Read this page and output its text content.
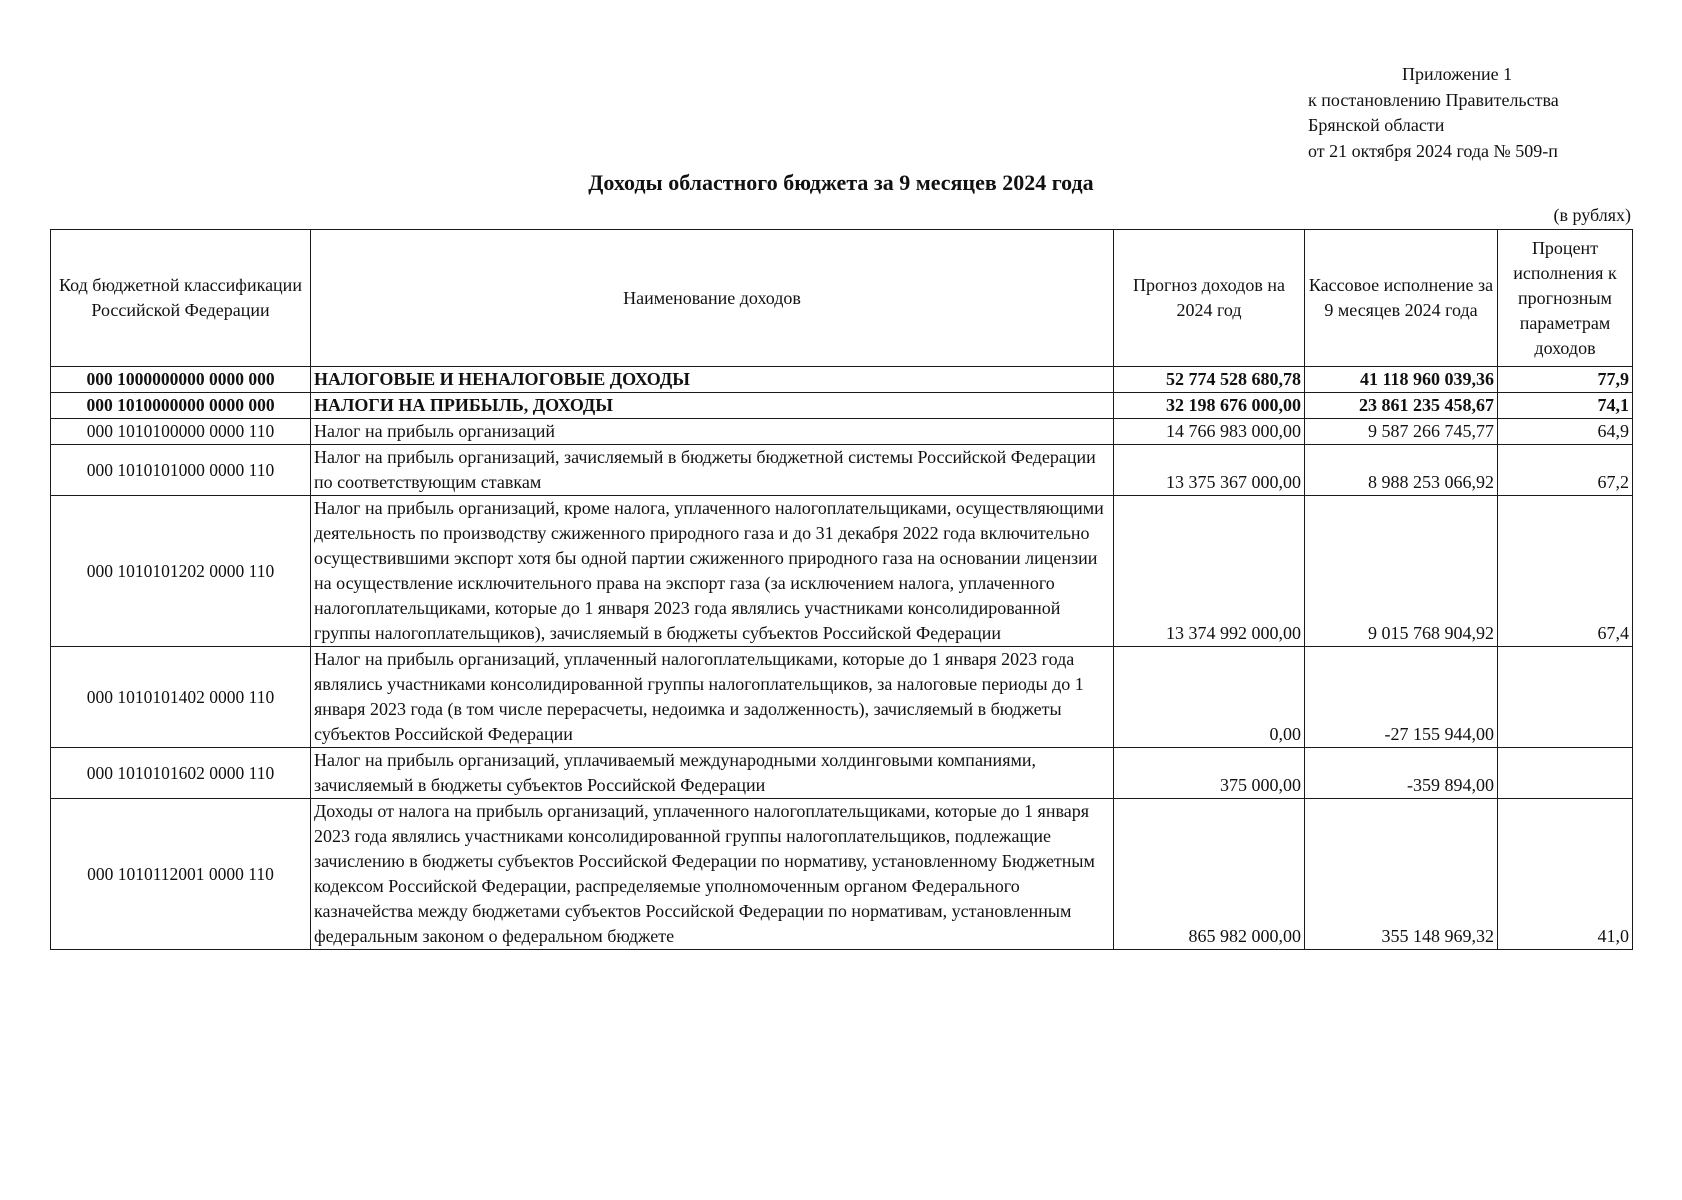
Приложение 1
к постановлению Правительства
Брянской области
от 21 октября 2024 года № 509-п
Доходы областного бюджета за 9 месяцев 2024 года
(в рублях)
Код бюджетной классификации Российской Федерации	Наименование доходов	Прогноз доходов на 2024 год	Кассовое исполнение за 9 месяцев 2024 года	Процент исполнения к прогнозным параметрам доходов
000 1000000000 0000 000	НАЛОГОВЫЕ И НЕНАЛОГОВЫЕ ДОХОДЫ	52 774 528 680,78	41 118 960 039,36	77,9
000 1010000000 0000 000	НАЛОГИ НА ПРИБЫЛЬ, ДОХОДЫ	32 198 676 000,00	23 861 235 458,67	74,1
000 1010100000 0000 110	Налог на прибыль организаций	14 766 983 000,00	9 587 266 745,77	64,9
000 1010101000 0000 110	Налог на прибыль организаций, зачисляемый в бюджеты бюджетной системы Российской Федерации по соответствующим ставкам	13 375 367 000,00	8 988 253 066,92	67,2
000 1010101202 0000 110	Налог на прибыль организаций, кроме налога, уплаченного налогоплательщиками, осуществляющими деятельность по производству сжиженного природного газа и до 31 декабря 2022 года включительно осуществившими экспорт хотя бы одной партии сжиженного природного газа на основании лицензии на осуществление исключительного права на экспорт газа (за исключением налога, уплаченного налогоплательщиками, которые до 1 января 2023 года являлись участниками консолидированной группы налогоплательщиков), зачисляемый в бюджеты субъектов Российской Федерации	13 374 992 000,00	9 015 768 904,92	67,4
000 1010101402 0000 110	Налог на прибыль организаций, уплаченный налогоплательщиками, которые до 1 января 2023 года являлись участниками консолидированной группы налогоплательщиков, за налоговые периоды до 1 января 2023 года (в том числе перерасчеты, недоимка и задолженность), зачисляемый в бюджеты субъектов Российской Федерации	0,00	-27 155 944,00	
000 1010101602 0000 110	Налог на прибыль организаций, уплачиваемый международными холдинговыми компаниями, зачисляемый в бюджеты субъектов Российской Федерации	375 000,00	-359 894,00	
000 1010112001 0000 110	Доходы от налога на прибыль организаций, уплаченного налогоплательщиками, которые до 1 января 2023 года являлись участниками консолидированной группы налогоплательщиков, подлежащие зачислению в бюджеты субъектов Российской Федерации по нормативу, установленному Бюджетным кодексом Российской Федерации, распределяемые уполномоченным органом Федерального казначейства между бюджетами субъектов Российской Федерации по нормативам, установленным федеральным законом о федеральном бюджете	865 982 000,00	355 148 969,32	41,0
